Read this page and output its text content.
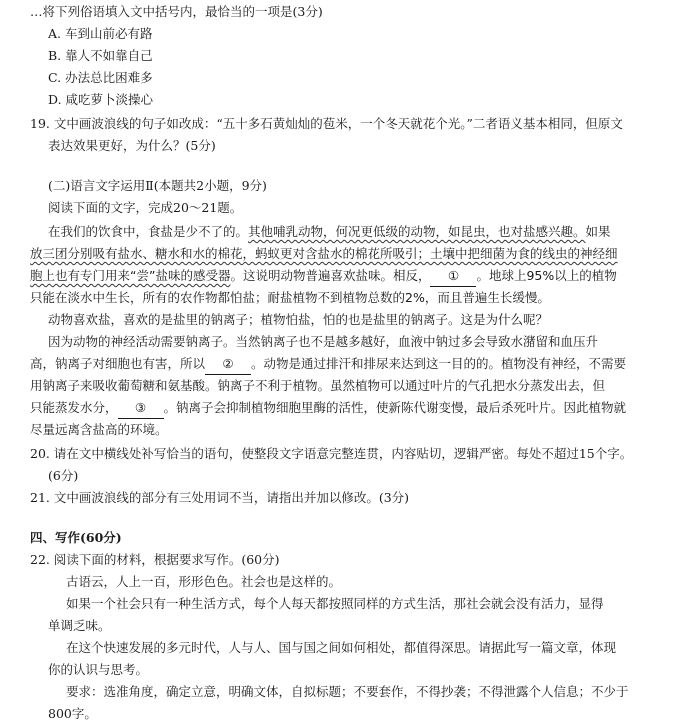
…将下列俗语填入文中括号内，最恰当的一项是(3分)
A. 车到山前必有路
B. 靠人不如靠自己
C. 办法总比困难多
D. 咸吃萝卜淡操心
19. 文中画波浪线的句子如改成：“五十多石黄灿灿的苞米，一个冬天就花个光。”二者语义基本相同，但原文
表达效果更好，为什么？(5分)
(二)语言文字运用Ⅱ(本题共2小题，9分)
阅读下面的文字，完成20～21题。
在我们的饮食中，食盐是少不了的。其他哺乳动物，何况更低级的动物，如昆虫，也对盐感兴趣。如果
放三团分别吸有盐水、糖水和水的棉花，蚂蚁更对含盐水的棉花所吸引；土壤中把细菌为食的线虫的神经细
胞上也有专门用来“尝”盐味的感受器。这说明动物普遍喜欢盐味。相反， ① 。地球上95%以上的植物
只能在淡水中生长，所有的农作物都怕盐；耐盐植物不到植物总数的2%，而且普遍生长缓慢。
动物喜欢盐，喜欢的是盐里的钠离子；植物怕盐，怕的也是盐里的钠离子。这是为什么呢？
因为动物的神经活动需要钠离子。当然钠离子也不是越多越好，血液中钠过多会导致水潴留和血压升
高，钠离子对细胞也有害，所以 ② 。动物是通过排汗和排尿来达到这一目的的。植物没有神经，不需要
用钠离子来吸收葡萄糖和氨基酸。钠离子不利于植物。虽然植物可以通过叶片的气孔把水分蒸发出去，但
只能蒸发水分， ③ 。钠离子会抑制植物细胞里酶的活性，使新陈代谢变慢，最后杀死叶片。因此植物就
尽量远离含盐高的环境。
20. 请在文中横线处补写恰当的语句，使整段文字语意完整连贯，内容贴切，逻辑严密。每处不超过15个字。
(6分)
21. 文中画波浪线的部分有三处用词不当，请指出并加以修改。(3分)
四、写作(60分)
22. 阅读下面的材料，根据要求写作。(60分)
古语云，人上一百，形形色色。社会也是这样的。
如果一个社会只有一种生活方式，每个人每天都按照同样的方式生活，那社会就会没有活力，显得
单调乏味。
在这个快速发展的多元时代，人与人、国与国之间如何相处，都值得深思。请据此写一篇文章，体现
你的认识与思考。
要求：选准角度，确定立意，明确文体，自拟标题；不要套作，不得抄袭；不得泄露个人信息；不少于
800字。
